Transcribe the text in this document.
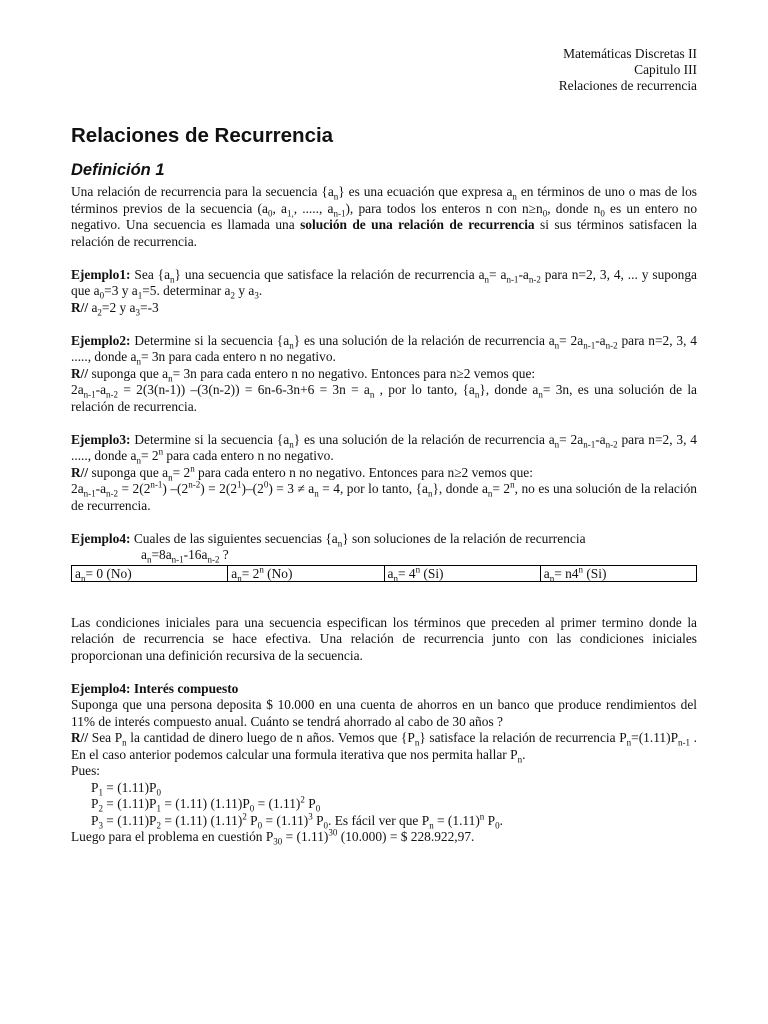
Matemáticas Discretas II
Capitulo III
Relaciones de recurrencia
Relaciones de Recurrencia
Definición 1

Una relación de recurrencia para la secuencia $\{a_n\}$ es una ecuación que expresa $a_n$ en términos de uno o mas de los términos previos de la secuencia ($a_0$, $a_{1,}$, ....., $a_{n-1}$), para todos los enteros n con $n\ge n_0$, donde $n_0$ es un entero no negativo. Una secuencia es llamada una solución de una relación de recurrencia si sus términos satisfacen la relación de recurrencia.

Ejemplo1: Sea $\{a_n\}$ una secuencia que satisface la relación de recurrencia $a_n= a_{n-1}-a_{n-2}$ para n=2, 3, 4, ... y suponga que $a_0=3$ y $a_1=5$. determinar $a_2$ y $a_3$.

R// $a_2=2$ y $a_3=-3$

Ejemplo2: Determine si la secuencia $\{a_n\}$ es una solución de la relación de recurrencia $a_n= 2a_{n-1}-a_{n-2}$ para n=2, 3, 4 ....., donde $a_n= 3n$ para cada entero n no negativo.

R// suponga que $a_n= 3n$ para cada entero n no negativo. Entonces para n≥2 vemos que:

$2a_{n-1}-a_{n-2} = 2(3(n-1)) -(3(n-2)) = 6n-6-3n+6 = 3n = a_n$ , por lo tanto, $\{a_n\}$, donde $a_n= 3n$, es una solución de la relación de recurrencia.

Ejemplo3: Determine si la secuencia $\{a_n\}$ es una solución de la relación de recurrencia $a_n= 2a_{n-1}-a_{n-2}$ para n=2, 3, 4 ....., donde $a_n= 2^n$ para cada entero n no negativo.

R// suponga que $a_n= 2^n$ para cada entero n no negativo. Entonces para n≥2 vemos que:

$2a_{n-1}-a_{n-2} = 2(2^{n-1}) -(2^{n-2}) = 2(2^1)-(2^0) = 3 \ne a_n = 4$, por lo tanto, $\{a_n\}$, donde $a_n= 2^n$, no es una solución de la relación de recurrencia.

Ejemplo4: Cuales de las siguientes secuencias $\{a_n\}$ son soluciones de la relación de recurrencia

$a_n=8a_{n-1}-16a_{n-2}$ ?

$a_n= 0$ (No)	$a_n= 2^n$ (No)	$a_n= 4^n$ (Si)	$a_n= n4^n$ (Si)

Las condiciones iniciales para una secuencia especifican los términos que preceden al primer termino donde la relación de recurrencia se hace efectiva. Una relación de recurrencia junto con las condiciones iniciales proporcionan una definición recursiva de la secuencia.

Ejemplo4: Interés compuesto

Suponga que una persona deposita $ 10.000 en una cuenta de ahorros en un banco que produce rendimientos del 11% de interés compuesto anual. Cuánto se tendrá ahorrado al cabo de 30 años ?

R// Sea $P_n$ la cantidad de dinero luego de n años. Vemos que $\{P_n\}$ satisface la relación de recurrencia $P_n=(1.11)P_{n-1}$ . En el caso anterior podemos calcular una formula iterativa que nos permita hallar $P_n$.

Pues:

$P_1 = (1.11)P_0$

$P_2 = (1.11)P_1 = (1.11) (1.11)P_0 = (1.11)^2$ $P_0$

$P_3 = (1.11)P_2 = (1.11)$ $(1.11)^2$ $P_0 = (1.11)^3$ $P_0$. Es fácil ver que $P_n = (1.11)^n$ $P_0$.

Luego para el problema en cuestión $P_{30} = (1.11)^{30}$ (10.000) = $ 228.922,97.
